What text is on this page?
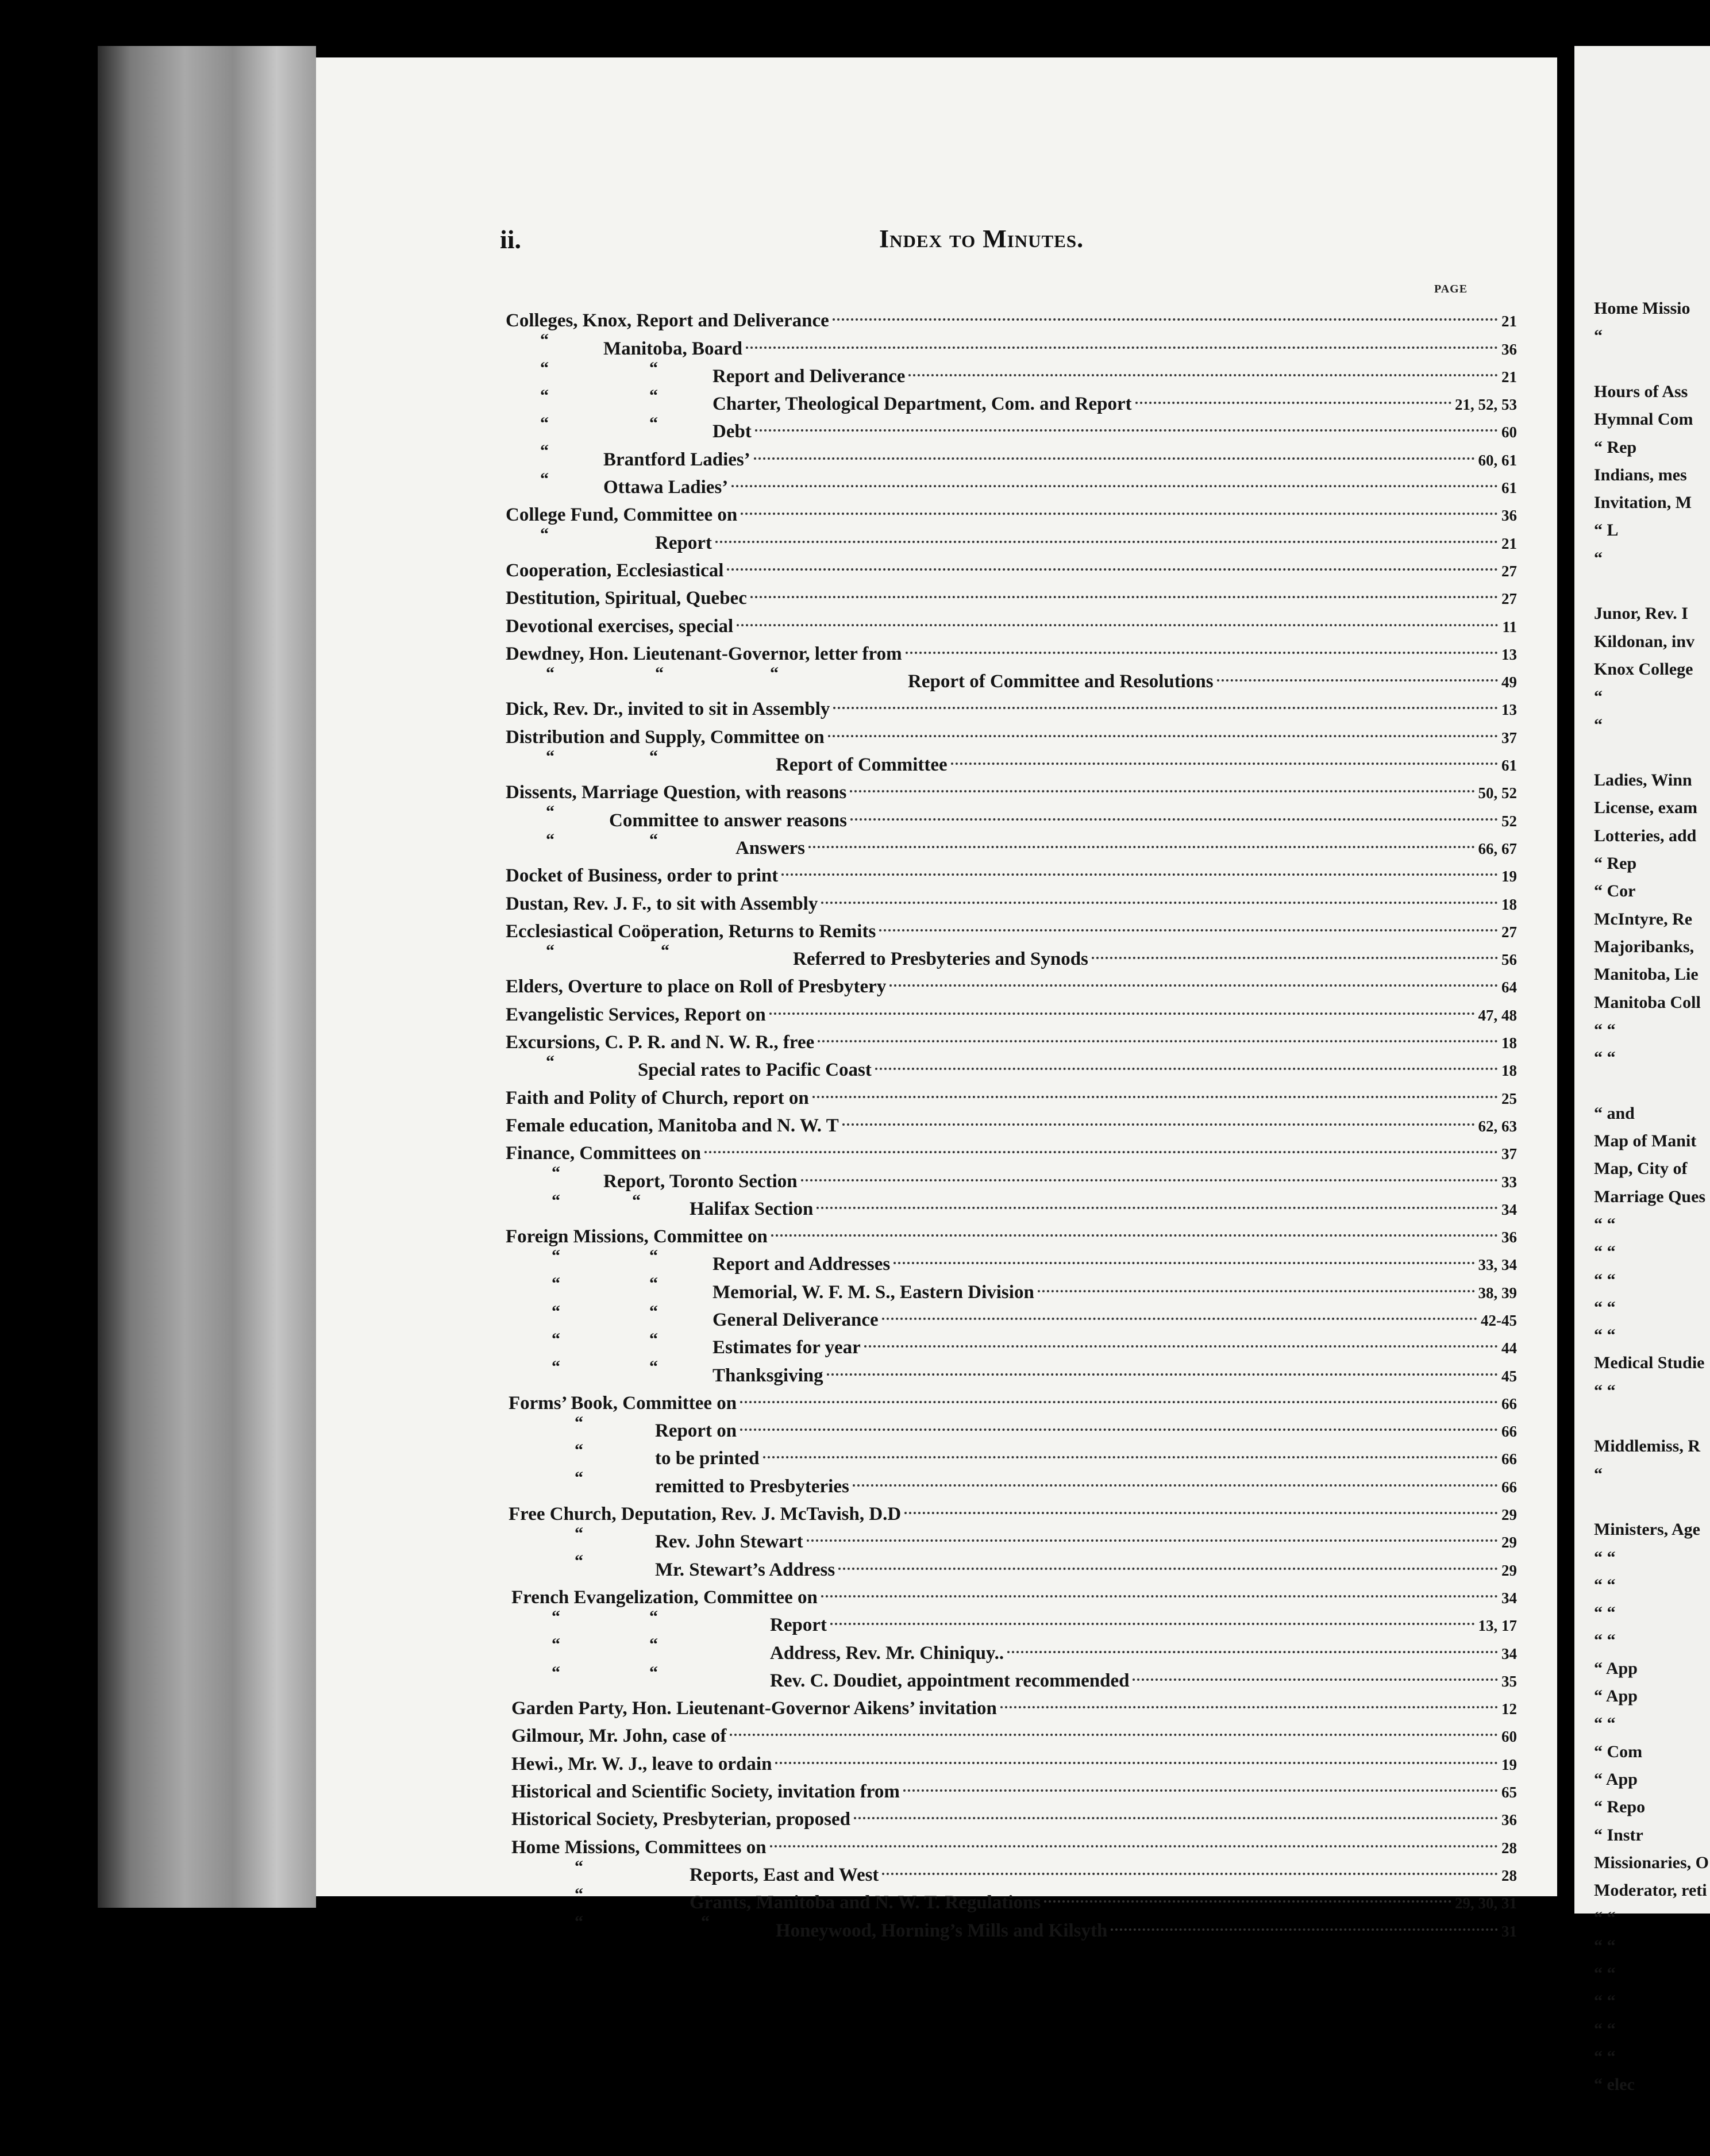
ii.	Index to Minutes.
PAGE
Colleges, Knox, Report and Deliverance	21
“	Manitoba, Board	36
“	“	Report and Deliverance	21
“	“	Charter, Theological Department, Com. and Report	21, 52, 53
“	“	Debt	60
“	Brantford Ladies’	60, 61
“	Ottawa Ladies’	61
College Fund, Committee on	36
“	Report	21
Cooperation, Ecclesiastical	27
Destitution, Spiritual, Quebec	27
Devotional exercises, special	11
Dewdney, Hon. Lieutenant-Governor, letter from	13
“	“	“	Report of Committee and Resolutions	49
Dick, Rev. Dr., invited to sit in Assembly	13
Distribution and Supply, Committee on	37
“	“	Report of Committee	61
Dissents, Marriage Question, with reasons	50, 52
“	Committee to answer reasons	52
“	“	Answers	66, 67
Docket of Business, order to print	19
Dustan, Rev. J. F., to sit with Assembly	18
Ecclesiastical Coöperation, Returns to Remits	27
“	“	Referred to Presbyteries and Synods	56
Elders, Overture to place on Roll of Presbytery	64
Evangelistic Services, Report on	47, 48
Excursions, C. P. R. and N. W. R., free	18
“	Special rates to Pacific Coast	18
Faith and Polity of Church, report on	25
Female education, Manitoba and N. W. T	62, 63
Finance, Committees on	37
“ Report, Toronto Section	33
“	“	Halifax Section	34
Foreign Missions, Committee on	36
“	“	Report and Addresses	33, 34
“	“	Memorial, W. F. M. S., Eastern Division	38, 39
“	“	General Deliverance	42-45
“	“	Estimates for year	44
“	“	Thanksgiving	45
Forms’ Book, Committee on	66
“	Report on	66
“	to be printed	66
“	remitted to Presbyteries	66
Free Church, Deputation, Rev. J. McTavish, D.D	29
“	Rev. John Stewart	29
“	Mr. Stewart’s Address	29
French Evangelization, Committee on	34
“	“	Report	13, 17
“	“	Address, Rev. Mr. Chiniquy..	34
“	“	Rev. C. Doudiet, appointment recommended	35
Garden Party, Hon. Lieutenant-Governor Aikens’ invitation	12
Gilmour, Mr. John, case of	60
Hewi., Mr. W. J., leave to ordain	19
Historical and Scientific Society, invitation from	65
Historical Society, Presbyterian, proposed	36
Home Missions, Committees on	28
“	Reports, East and West	28
“	Grants, Manitoba and N. W. T. Regulations	29, 30, 31
“	“	Honeywood, Horning’s Mills and Kilsyth	31
Home Missio
“
Hours of Ass
Hymnal Com
“ Rep
Indians, mes
Invitation, M
“ L
“
Junor, Rev. I
Kildonan, inv
Knox College
“
“
Ladies, Winn
License, exam
Lotteries, add
“ Rep
“ Cor
McIntyre, Re
Majoribanks,
Manitoba, Lie
Manitoba Coll
“ “
“ “
“ and
Map of Manit
Map, City of
Marriage Ques
“ “
“ “
“ “
“ “
“ “
Medical Studie
“ “
Middlemiss, R
“
Ministers, Age
“ “
“ “
“ “
“ “
“ App
“ App
“ “
“ Com
“ App
“ Repo
“ Instr
Missionaries, O
Moderator, reti
“ “
“ “
“ “
“ “
“ “
“ “
“ elec
